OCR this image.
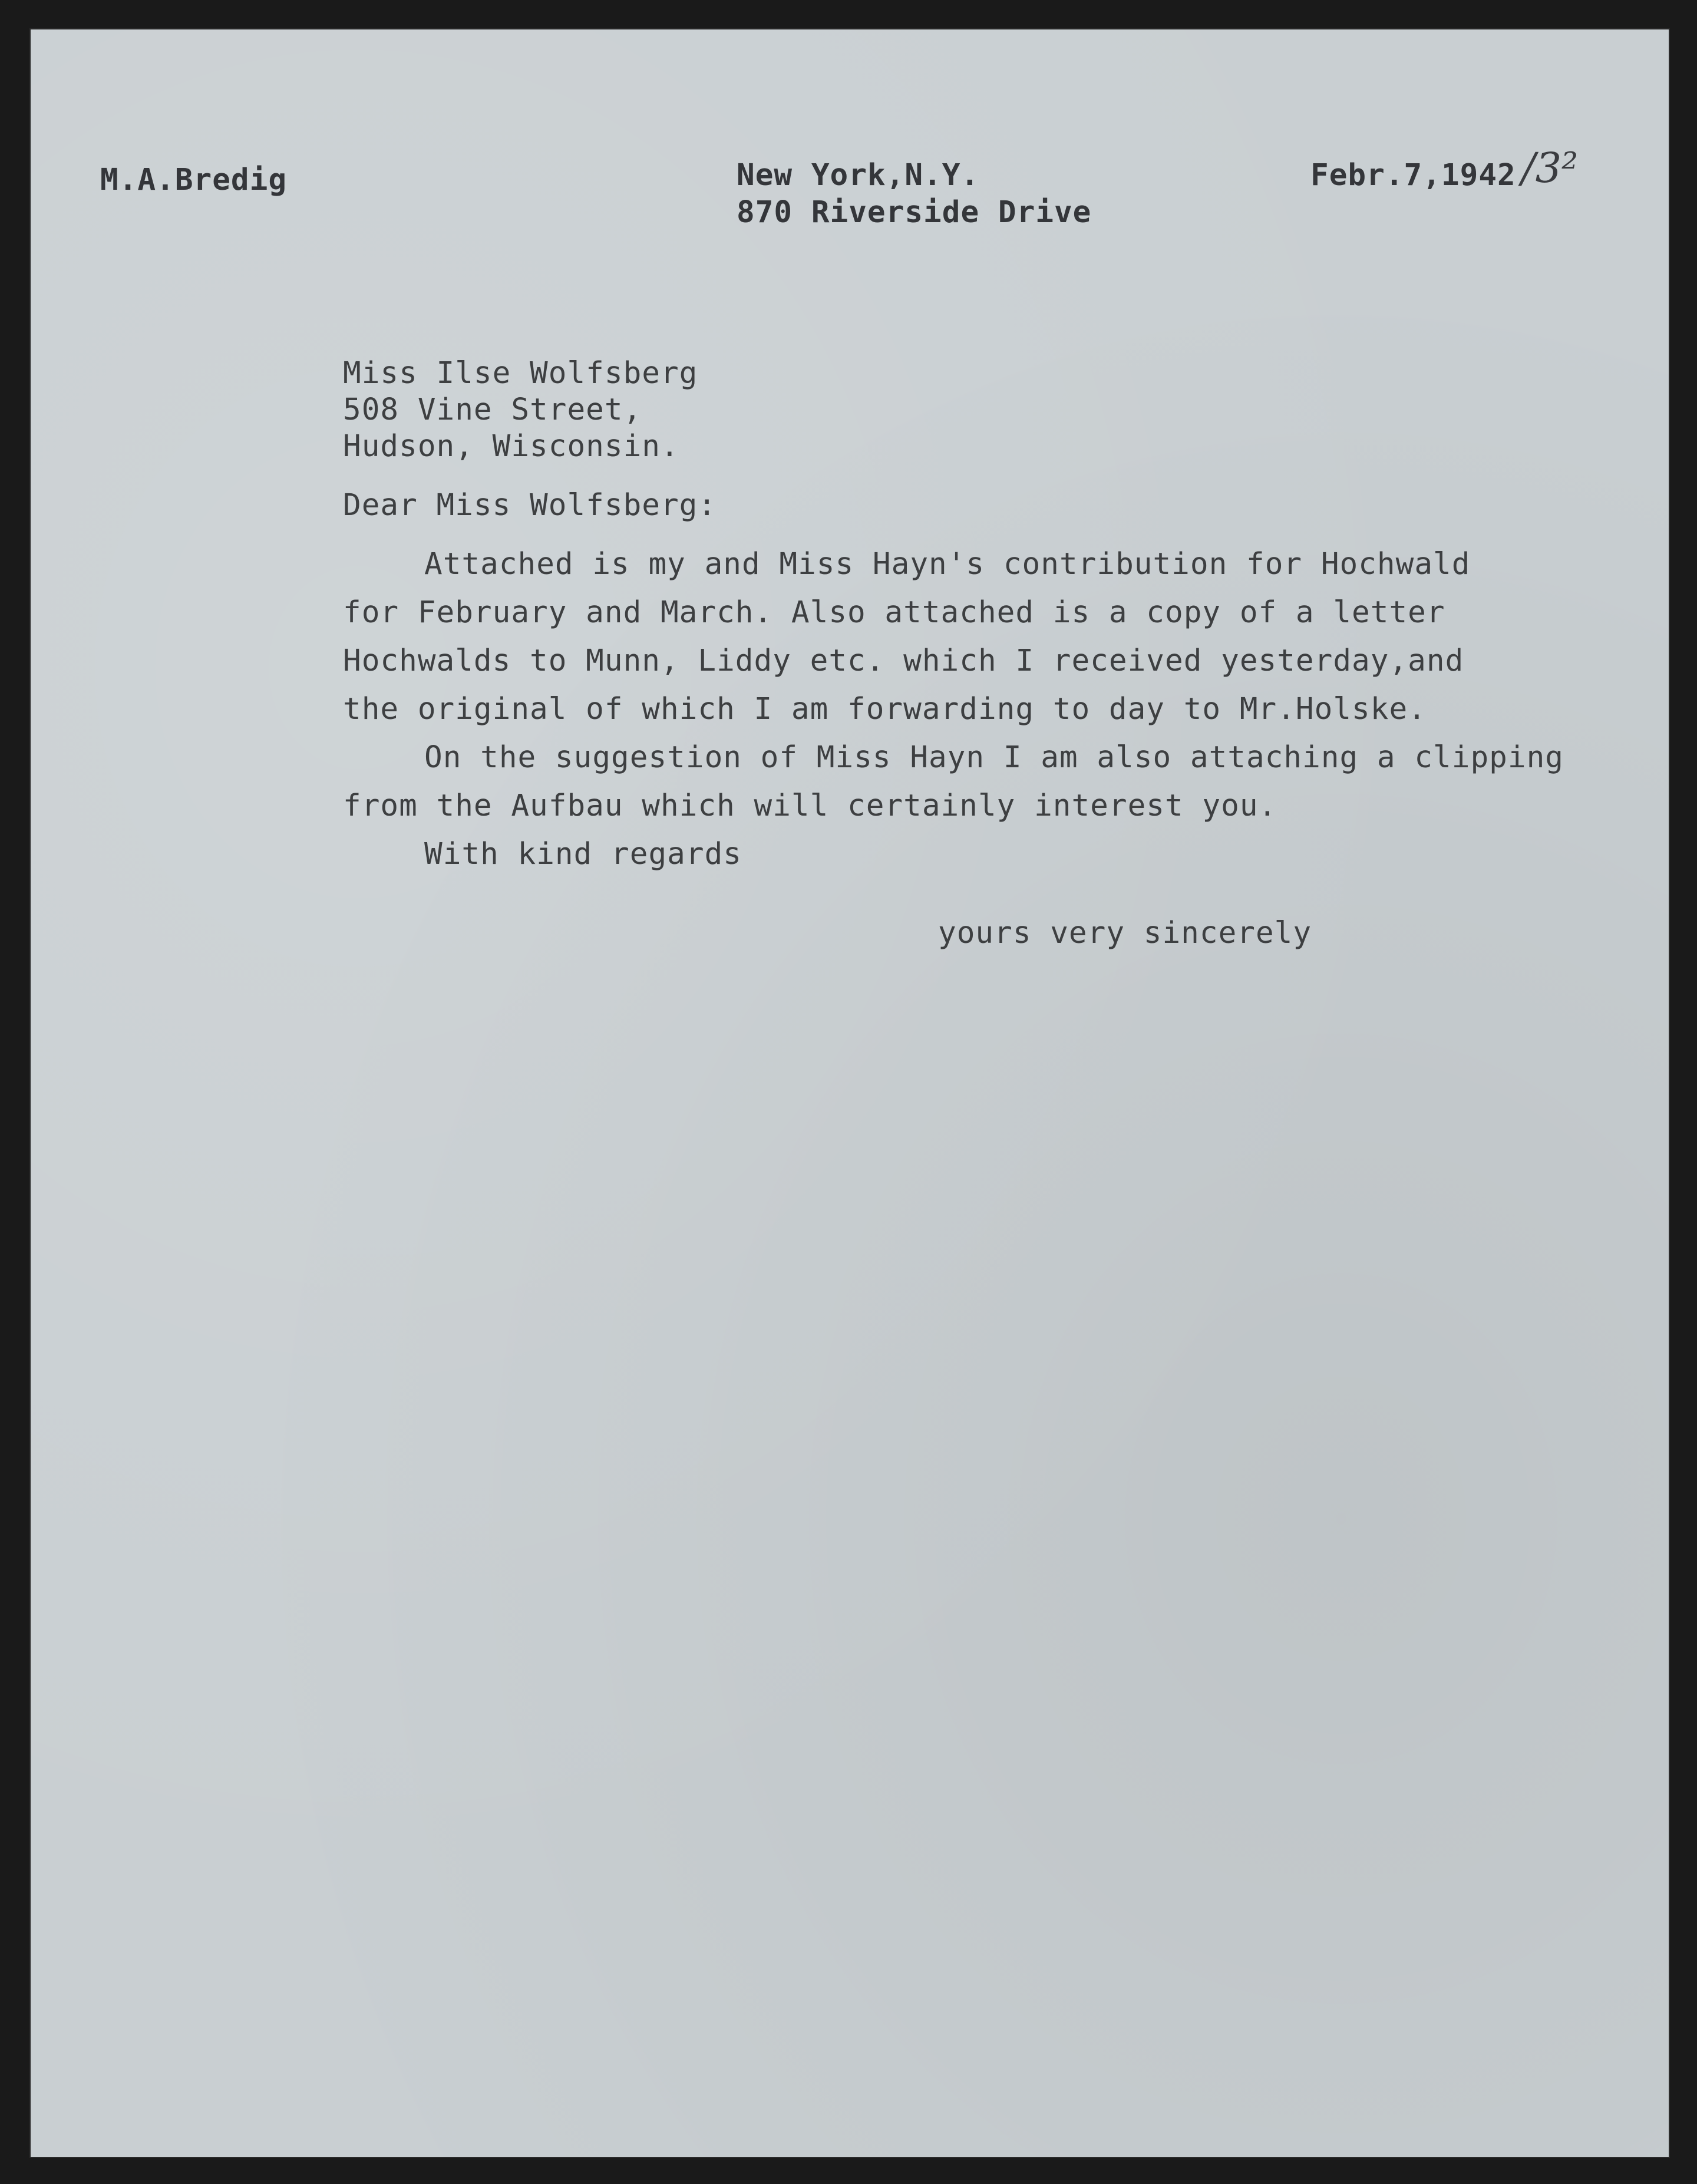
M.A.Bredig	New York,N.Y.
870 Riverside Drive
Febr.7,1942 /3²
Miss Ilse Wolfsberg
508 Vine Street,
Hudson, Wisconsin.
Dear Miss Wolfsberg:
Attached is my and Miss Hayn's contribution for Hochwald
for February and March. Also attached is a copy of a letter
Hochwalds to Munn, Liddy etc. which I received yesterday,and
the original of which I am forwarding to day to Mr.Holske.
On the suggestion of Miss Hayn I am also attaching a clipping
from the Aufbau which will certainly interest you.
With kind regards
yours very sincerely
